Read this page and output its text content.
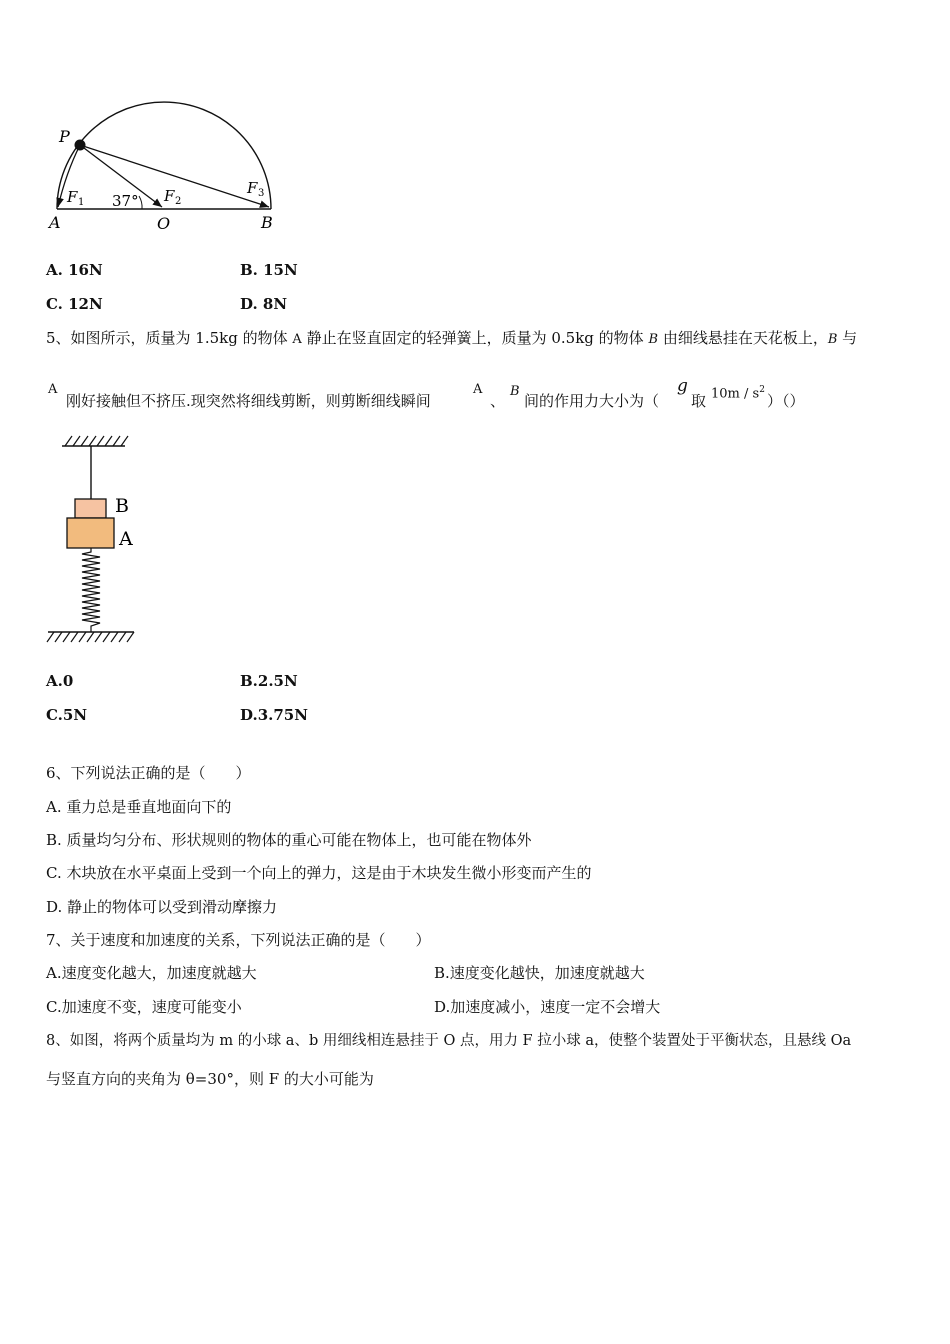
P
F 1 37° F 2
F 3
A	O	B
A. 16N	B. 15N
C. 12N	D. 8N
5、如图所示，质量为 1.5kg 的物体 A 静止在竖直固定的轻弹簧上，质量为 0.5kg 的物体 B 由细线悬挂在天花板上，B 与
A
刚好接触但不挤压.现突然将细线剪断，则剪断细线瞬间
A
、
B
间的作用力大小为（
g
取 $10m / s^2$
）（）
B
A
A.0	B.2.5N
C.5N	D.3.75N
6、下列说法正确的是（　　）
A. 重力总是垂直地面向下的
B. 质量均匀分布、形状规则的物体的重心可能在物体上，也可能在物体外
C. 木块放在水平桌面上受到一个向上的弹力，这是由于木块发生微小形变而产生的
D. 静止的物体可以受到滑动摩擦力
7、关于速度和加速度的关系，下列说法正确的是（　　）
A.速度变化越大，加速度就越大	B.速度变化越快，加速度就越大
C.加速度不变，速度可能变小	D.加速度减小，速度一定不会增大
8、如图，将两个质量均为 m 的小球 a、b 用细线相连悬挂于 O 点，用力 F 拉小球 a，使整个装置处于平衡状态，且悬线 Oa
与竖直方向的夹角为 θ=30°，则 F 的大小可能为
